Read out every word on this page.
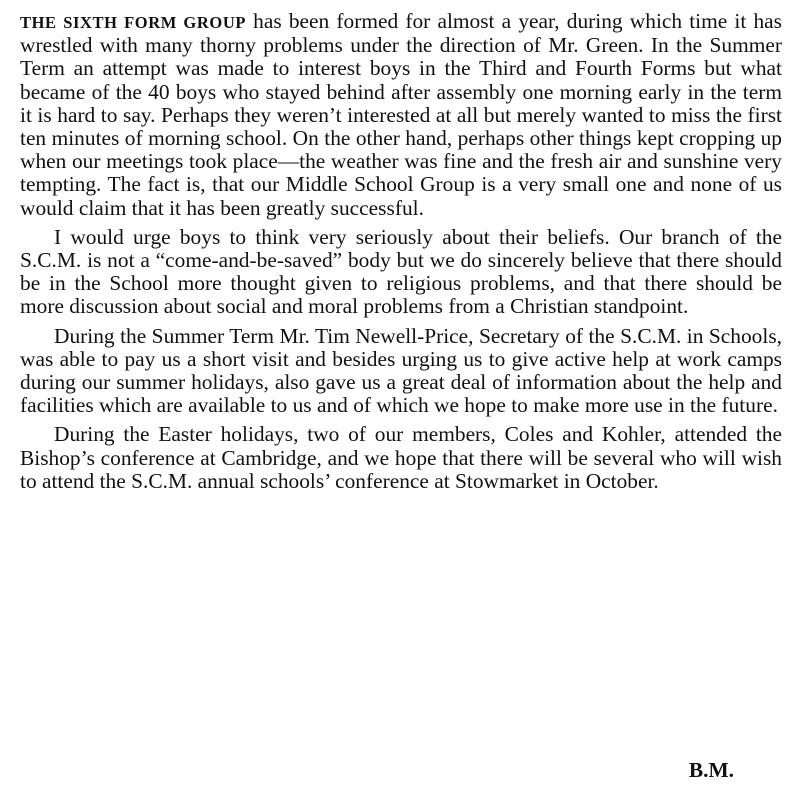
THE SIXTH FORM GROUP has been formed for almost a year, during which time it has wrestled with many thorny problems under the direction of Mr. Green. In the Summer Term an attempt was made to interest boys in the Third and Fourth Forms but what became of the 40 boys who stayed behind after assembly one morning early in the term it is hard to say. Perhaps they weren’t interested at all but merely wanted to miss the first ten minutes of morning school. On the other hand, perhaps other things kept cropping up when our meetings took place—the weather was fine and the fresh air and sunshine very tempting. The fact is, that our Middle School Group is a very small one and none of us would claim that it has been greatly successful.

I would urge boys to think very seriously about their beliefs. Our branch of the S.C.M. is not a “come-and-be-saved” body but we do sincerely believe that there should be in the School more thought given to religious problems, and that there should be more discussion about social and moral problems from a Christian standpoint.

During the Summer Term Mr. Tim Newell-Price, Secretary of the S.C.M. in Schools, was able to pay us a short visit and besides urging us to give active help at work camps during our summer holidays, also gave us a great deal of information about the help and facilities which are available to us and of which we hope to make more use in the future.

During the Easter holidays, two of our members, Coles and Kohler, attended the Bishop’s conference at Cambridge, and we hope that there will be several who will wish to attend the S.C.M. annual schools’ conference at Stowmarket in October.

B.M.
